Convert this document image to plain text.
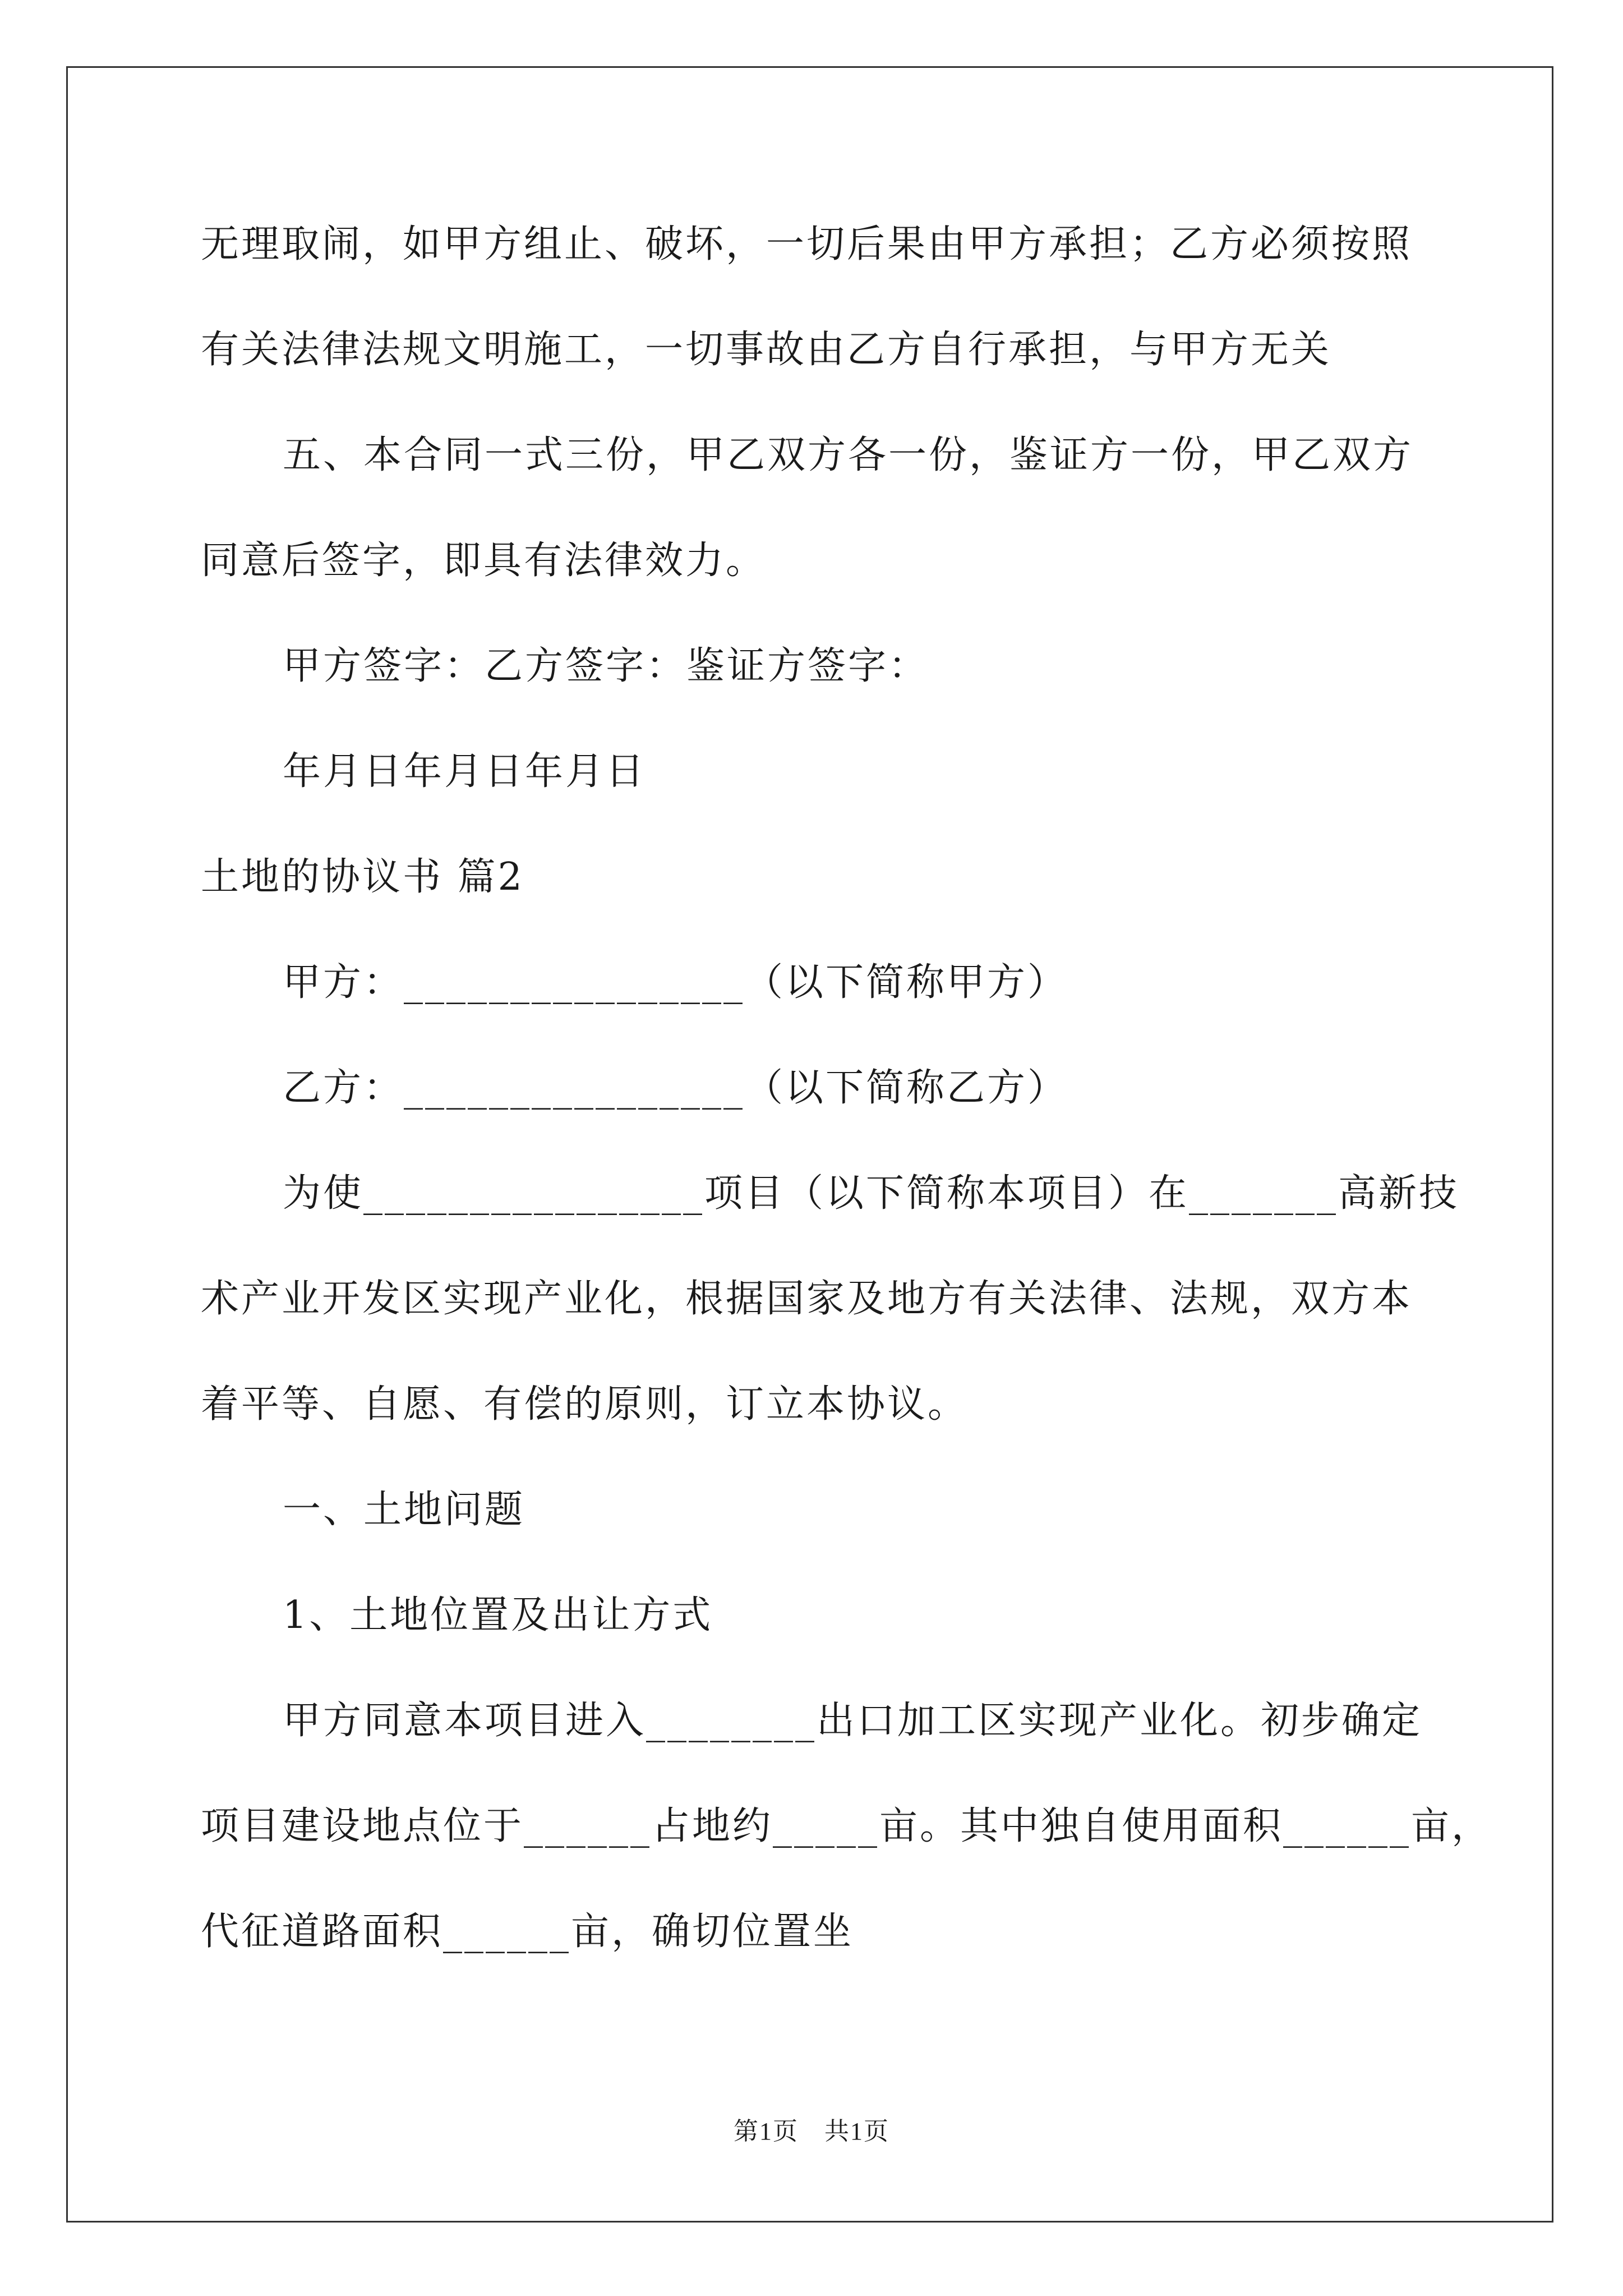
无理取闹，如甲方组止、破坏，一切后果由甲方承担；乙方必须按照
有关法律法规文明施工，一切事故由乙方自行承担，与甲方无关
五、本合同一式三份，甲乙双方各一份，鉴证方一份，甲乙双方
同意后签字，即具有法律效力。
甲方签字：乙方签字：鉴证方签字：
年月日年月日年月日
土地的协议书 篇2
甲方：________________（以下简称甲方）
乙方：________________（以下简称乙方）
为使________________项目（以下简称本项目）在_______高新技
术产业开发区实现产业化，根据国家及地方有关法律、法规，双方本
着平等、自愿、有偿的原则，订立本协议。
一、土地问题
1、土地位置及出让方式
甲方同意本项目进入________出口加工区实现产业化。初步确定
项目建设地点位于______占地约_____亩。其中独自使用面积______亩，
代征道路面积______亩，确切位置坐
第1页 共1页
